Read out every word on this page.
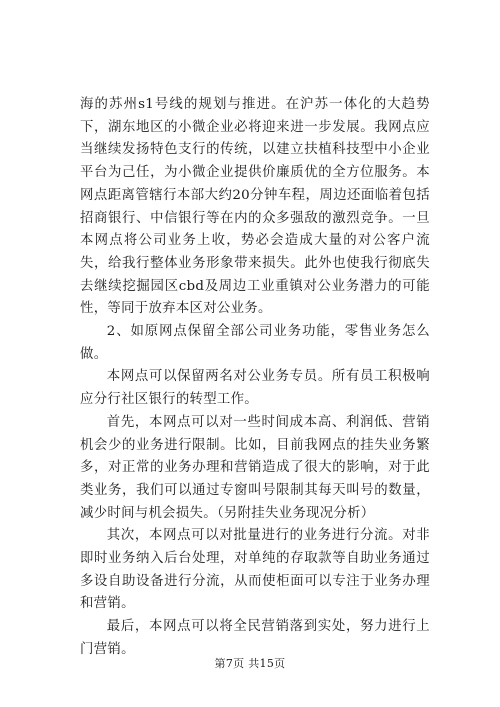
海的苏州s1号线的规划与推进。在沪苏一体化的大趋势下，湖东地区的小微企业必将迎来进一步发展。我网点应当继续发扬特色支行的传统，以建立扶植科技型中小企业平台为己任，为小微企业提供价廉质优的全方位服务。本网点距离管辖行本部大约20分钟车程，周边还面临着包括招商银行、中信银行等在内的众多强敌的激烈竞争。一旦本网点将公司业务上收，势必会造成大量的对公客户流失，给我行整体业务形象带来损失。此外也使我行彻底失去继续挖掘园区cbd及周边工业重镇对公业务潜力的可能性，等同于放弃本区对公业务。

2、如原网点保留全部公司业务功能，零售业务怎么做。

本网点可以保留两名对公业务专员。所有员工积极响应分行社区银行的转型工作。

首先，本网点可以对一些时间成本高、利润低、营销机会少的业务进行限制。比如，目前我网点的挂失业务繁多，对正常的业务办理和营销造成了很大的影响，对于此类业务，我们可以通过专窗叫号限制其每天叫号的数量，减少时间与机会损失。（另附挂失业务现况分析）

其次，本网点可以对批量进行的业务进行分流。对非即时业务纳入后台处理，对单纯的存取款等自助业务通过多设自助设备进行分流，从而使柜面可以专注于业务办理和营销。

最后，本网点可以将全民营销落到实处，努力进行上门营销。

第7页 共15页
